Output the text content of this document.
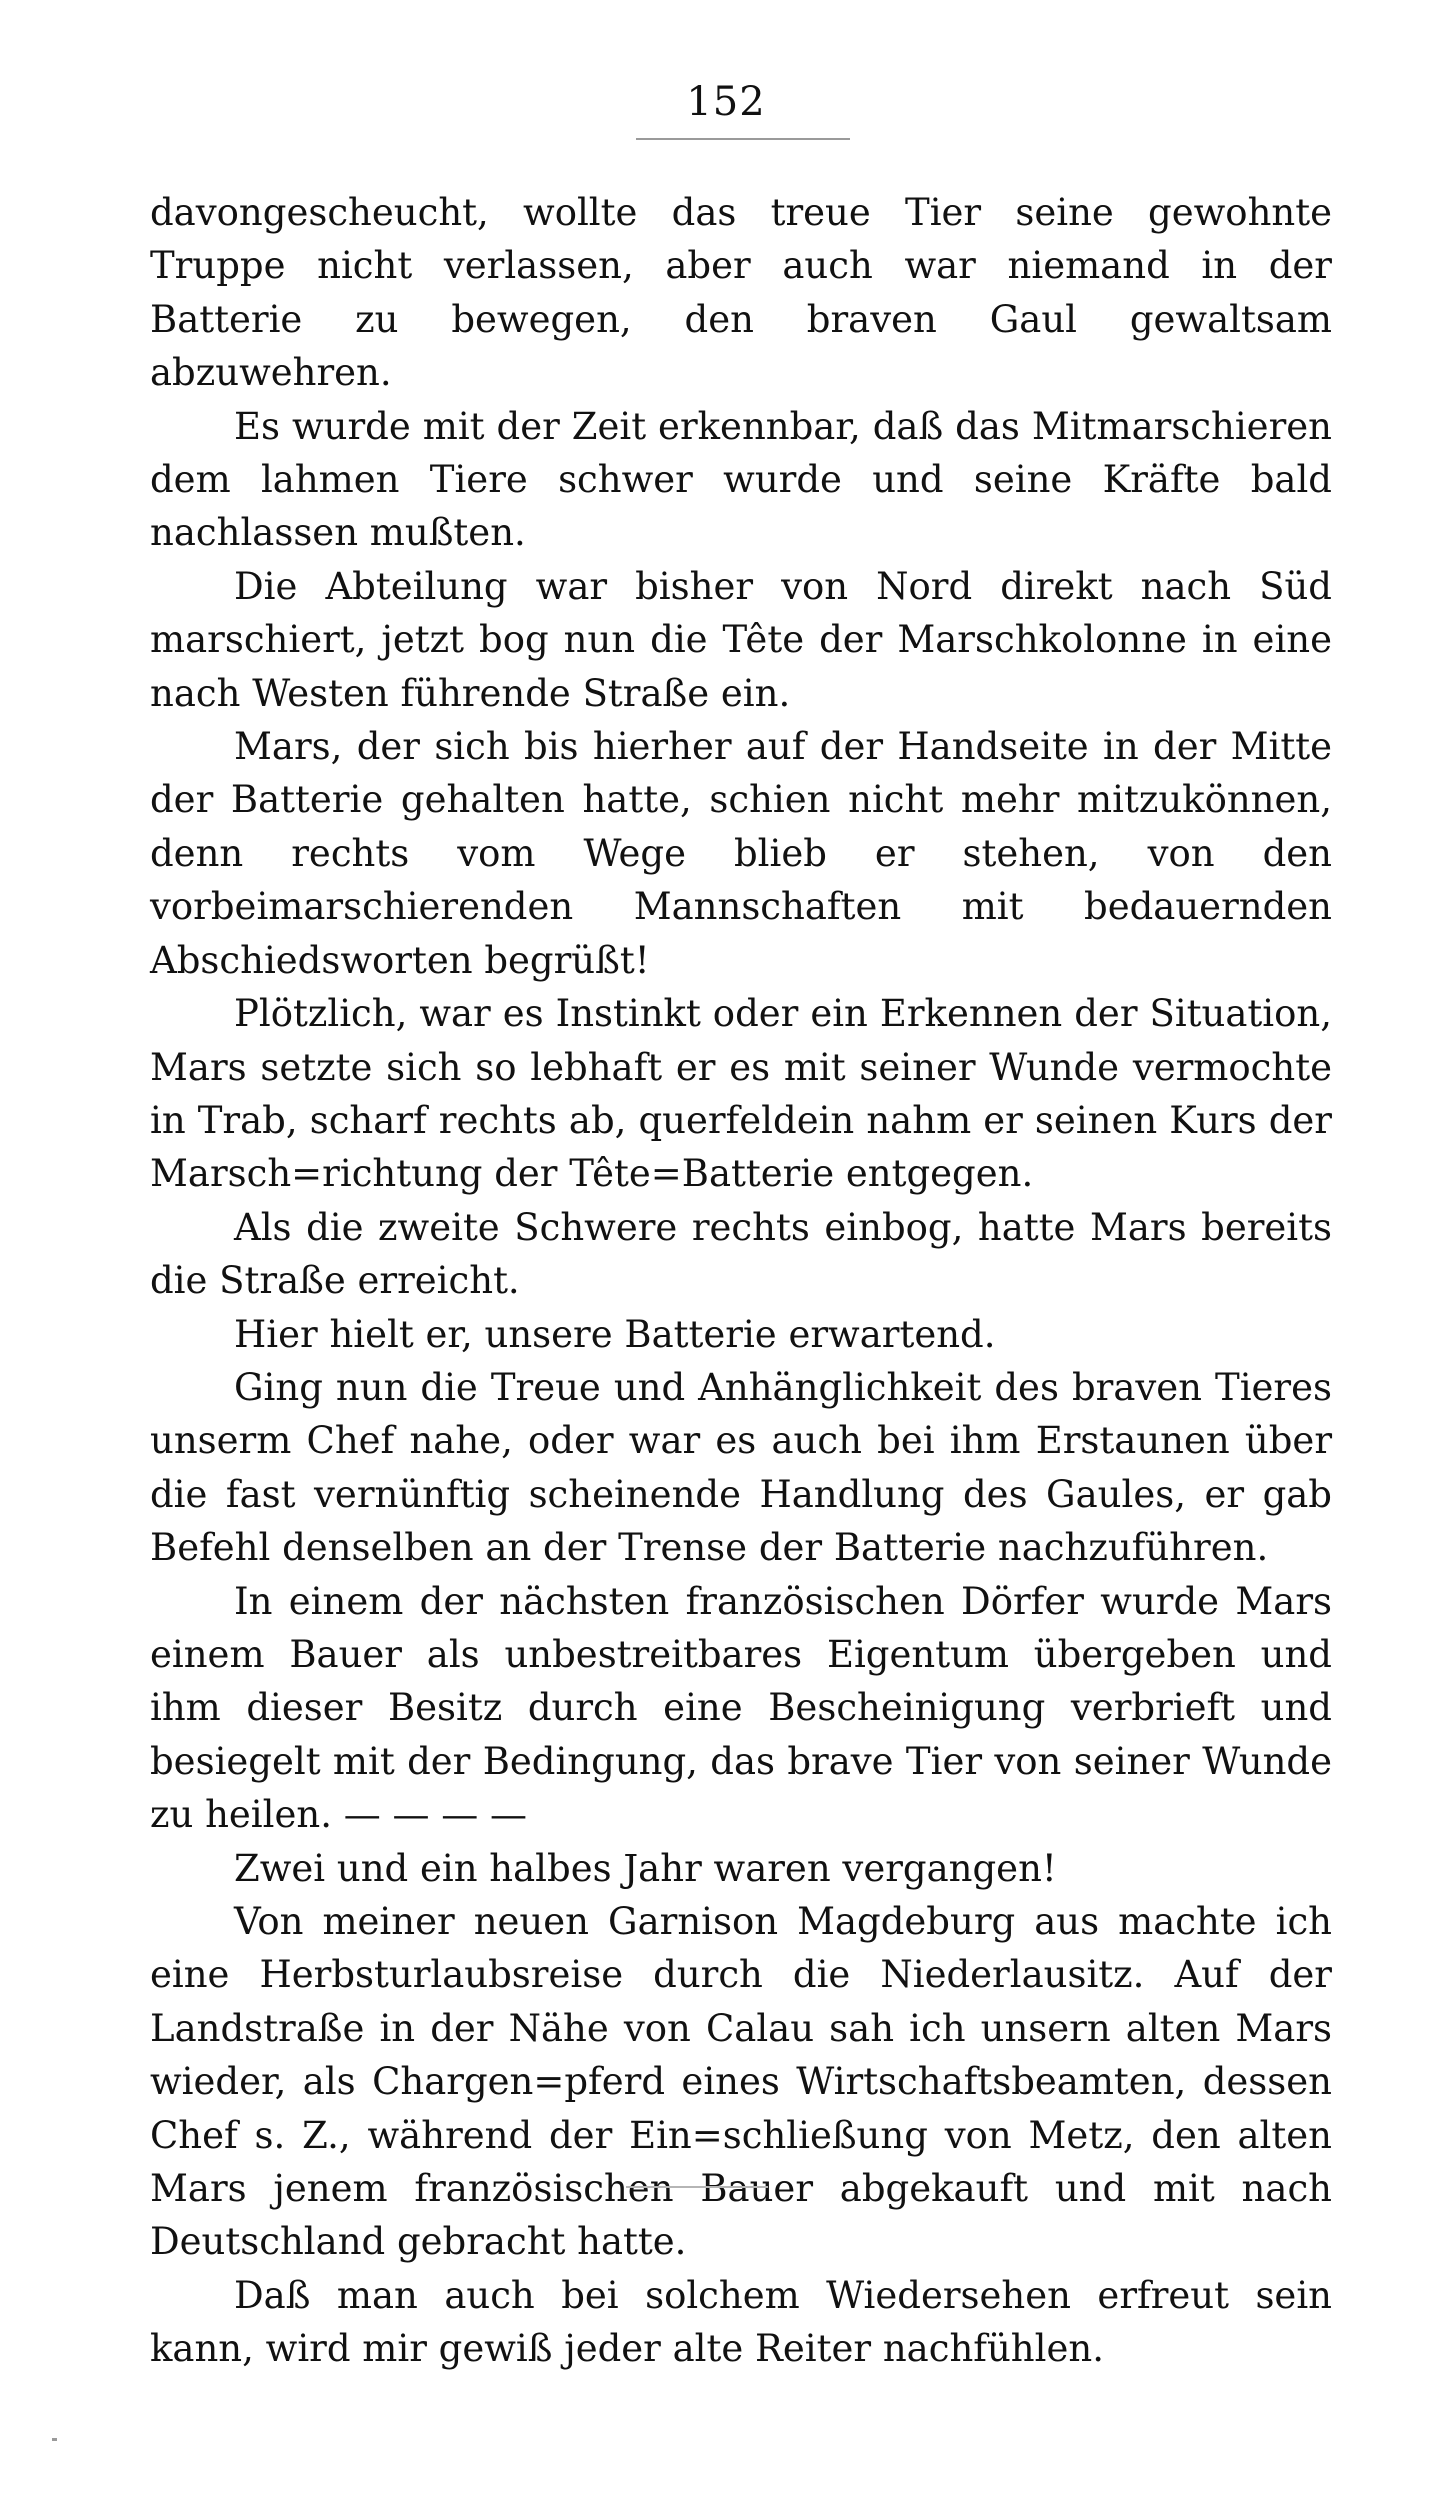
152

davongescheucht, wollte das treue Tier seine gewohnte Truppe nicht verlassen, aber auch war niemand in der Batterie zu bewegen, den braven Gaul gewaltsam abzuwehren.

Es wurde mit der Zeit erkennbar, daß das Mitmarschieren dem lahmen Tiere schwer wurde und seine Kräfte bald nachlassen mußten.

Die Abteilung war bisher von Nord direkt nach Süd marschiert, jetzt bog nun die Tête der Marschkolonne in eine nach Westen führende Straße ein.

Mars, der sich bis hierher auf der Handseite in der Mitte der Batterie gehalten hatte, schien nicht mehr mitzukönnen, denn rechts vom Wege blieb er stehen, von den vorbeimarschierenden Mannschaften mit bedauernden Abschiedsworten begrüßt!

Plötzlich, war es Instinkt oder ein Erkennen der Situation, Mars setzte sich so lebhaft er es mit seiner Wunde vermochte in Trab, scharf rechts ab, querfeldein nahm er seinen Kurs der Marsch=richtung der Tête=Batterie entgegen.

Als die zweite Schwere rechts einbog, hatte Mars bereits die Straße erreicht.

Hier hielt er, unsere Batterie erwartend.

Ging nun die Treue und Anhänglichkeit des braven Tieres unserm Chef nahe, oder war es auch bei ihm Erstaunen über die fast vernünftig scheinende Handlung des Gaules, er gab Befehl denselben an der Trense der Batterie nachzuführen.

In einem der nächsten französischen Dörfer wurde Mars einem Bauer als unbestreitbares Eigentum übergeben und ihm dieser Besitz durch eine Bescheinigung verbrieft und besiegelt mit der Bedingung, das brave Tier von seiner Wunde zu heilen. — — — —

Zwei und ein halbes Jahr waren vergangen!

Von meiner neuen Garnison Magdeburg aus machte ich eine Herbsturlaubsreise durch die Niederlausitz. Auf der Landstraße in der Nähe von Calau sah ich unsern alten Mars wieder, als Chargen=pferd eines Wirtschaftsbeamten, dessen Chef s. Z., während der Ein=schließung von Metz, den alten Mars jenem französischen Bauer abgekauft und mit nach Deutschland gebracht hatte.

Daß man auch bei solchem Wiedersehen erfreut sein kann, wird mir gewiß jeder alte Reiter nachfühlen.
